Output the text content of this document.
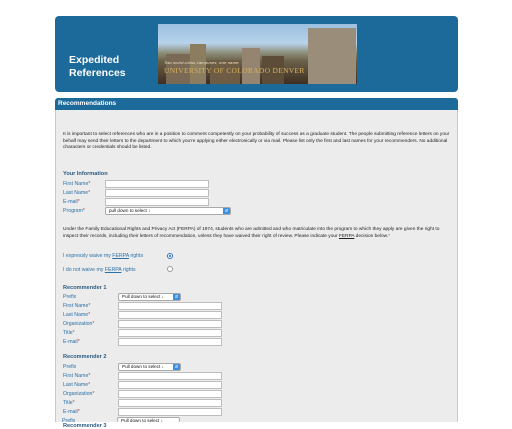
Expedited
References
Two world-class campuses, one name.
UNIVERSITY OF COLORADO DENVER
Recommendations
It is important to select references who are in a position to comment competently on your probability of success as a graduate student. The people submitting reference letters on your behalf may send their letters to the department to which you're applying either electronically or via mail. Please list only the first and last names for your recommenders. No additional characters or credentials should be listed.
Your Information
First Name*
Last Name*
E-mail*
Program*	pull down to select ↓	⇵
Under the Family Educational Rights and Privacy Act (FERPA) of 1974, students who are admitted and who matriculate into the program to which they apply are given the right to inspect their records, including their letters of recommendation, unless they have waived their right of review. Please indicate your FERPA decision below.*
I expressly waive my FERPA rights
I do not waive my FERPA rights
Recommender 1
Prefix	Pull down to select ↓	⇵
First Name*
Last Name*
Organization*
Title*
E-mail*
Recommender 2
Prefix	Pull down to select ↓	⇵
First Name*
Last Name*
Organization*
Title*
E-mail*
Recommender 3
Prefix	Pull down to select ↓
